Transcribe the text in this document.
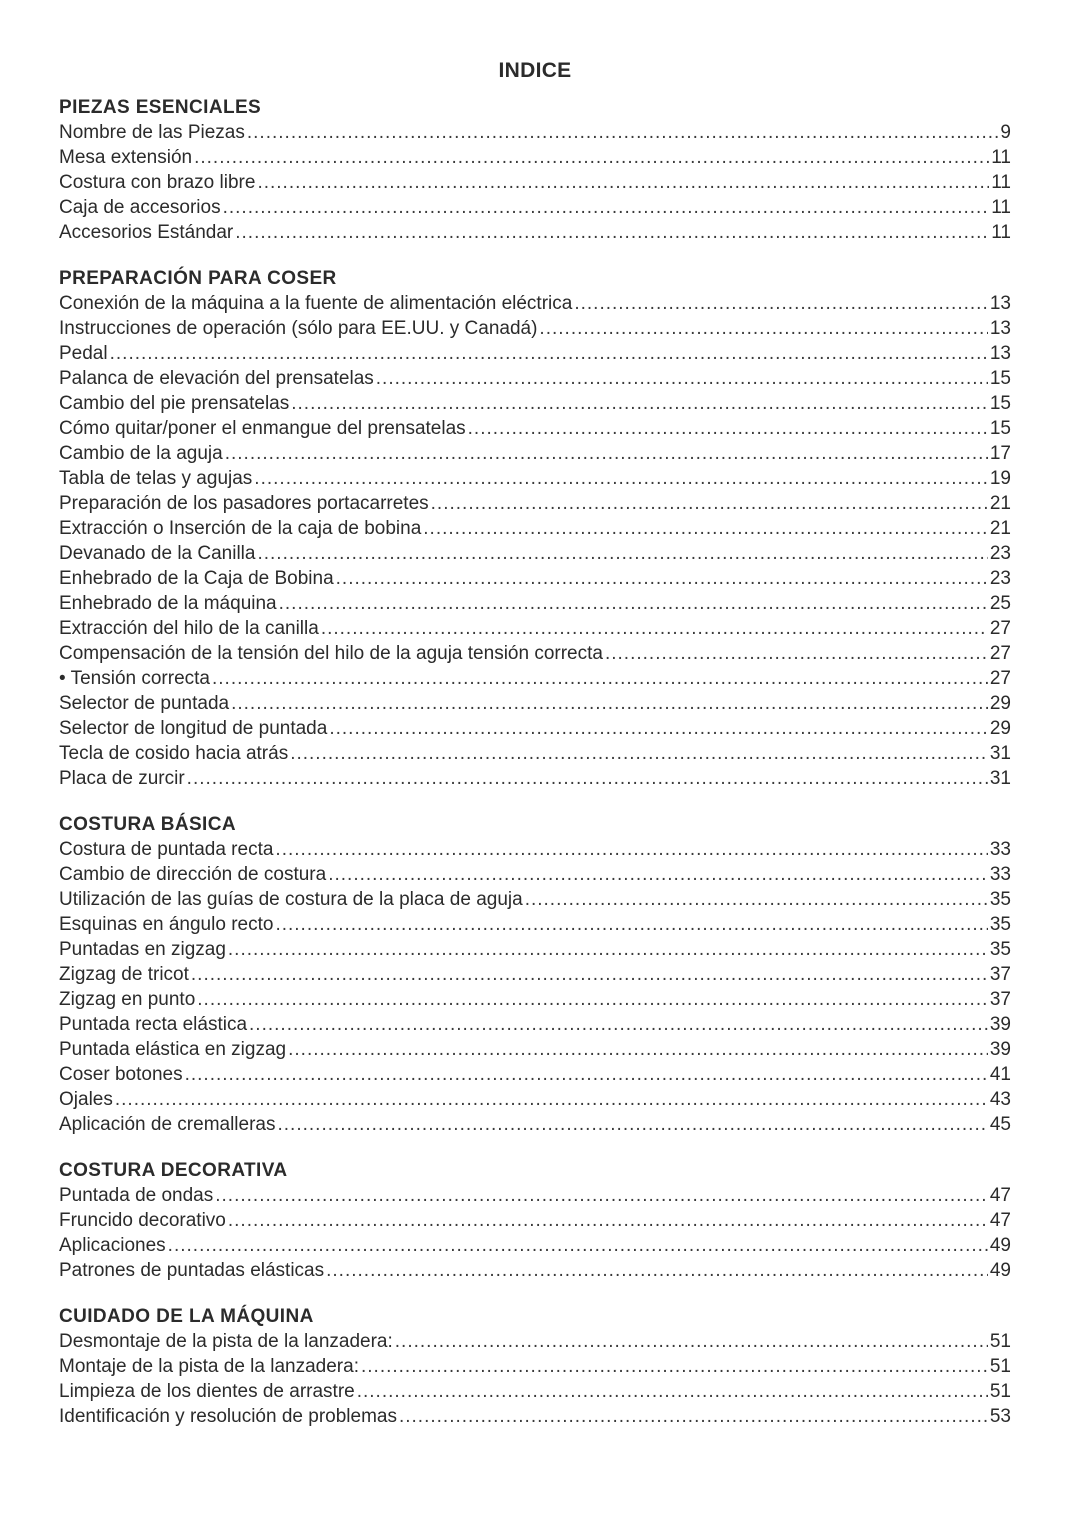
INDICE
PIEZAS ESENCIALES
Nombre de las Piezas .....	9
Mesa extensión .....	11
Costura con brazo libre .....	11
Caja de accesorios .....	11
Accesorios Estándar .....	11
PREPARACIÓN PARA COSER
Conexión de la máquina a la fuente de alimentación eléctrica .....	13
Instrucciones de operación (sólo para EE.UU. y Canadá) .....	13
Pedal .....	13
Palanca de elevación del prensatelas .....	15
Cambio del pie prensatelas .....	15
Cómo quitar/poner el enmangue del prensatelas .....	15
Cambio de la aguja .....	17
Tabla de telas y agujas .....	19
Preparación de los pasadores portacarretes .....	21
Extracción o Inserción de la caja de bobina .....	21
Devanado de la Canilla .....	23
Enhebrado de la Caja de Bobina .....	23
Enhebrado de la máquina .....	25
Extracción del hilo de la canilla .....	27
Compensación de la tensión del hilo de la aguja tensión correcta .....	27
• Tensión correcta .....	27
Selector de puntada .....	29
Selector de longitud de puntada .....	29
Tecla de cosido hacia atrás .....	31
Placa de zurcir .....	31
COSTURA BÁSICA
Costura de puntada recta .....	33
Cambio de dirección de costura .....	33
Utilización de las guías de costura de la placa de aguja .....	35
Esquinas en ángulo recto .....	35
Puntadas en zigzag .....	35
Zigzag de tricot .....	37
Zigzag en punto .....	37
Puntada recta elástica .....	39
Puntada elástica en zigzag .....	39
Coser botones .....	41
Ojales .....	43
Aplicación de cremalleras .....	45
COSTURA DECORATIVA
Puntada de ondas .....	47
Fruncido decorativo .....	47
Aplicaciones .....	49
Patrones de puntadas elásticas .....	49
CUIDADO DE LA MÁQUINA
Desmontaje de la pista de la lanzadera: .....	51
Montaje de la pista de la lanzadera: .....	51
Limpieza de los dientes de arrastre .....	51
Identificación y resolución de problemas .....	53
